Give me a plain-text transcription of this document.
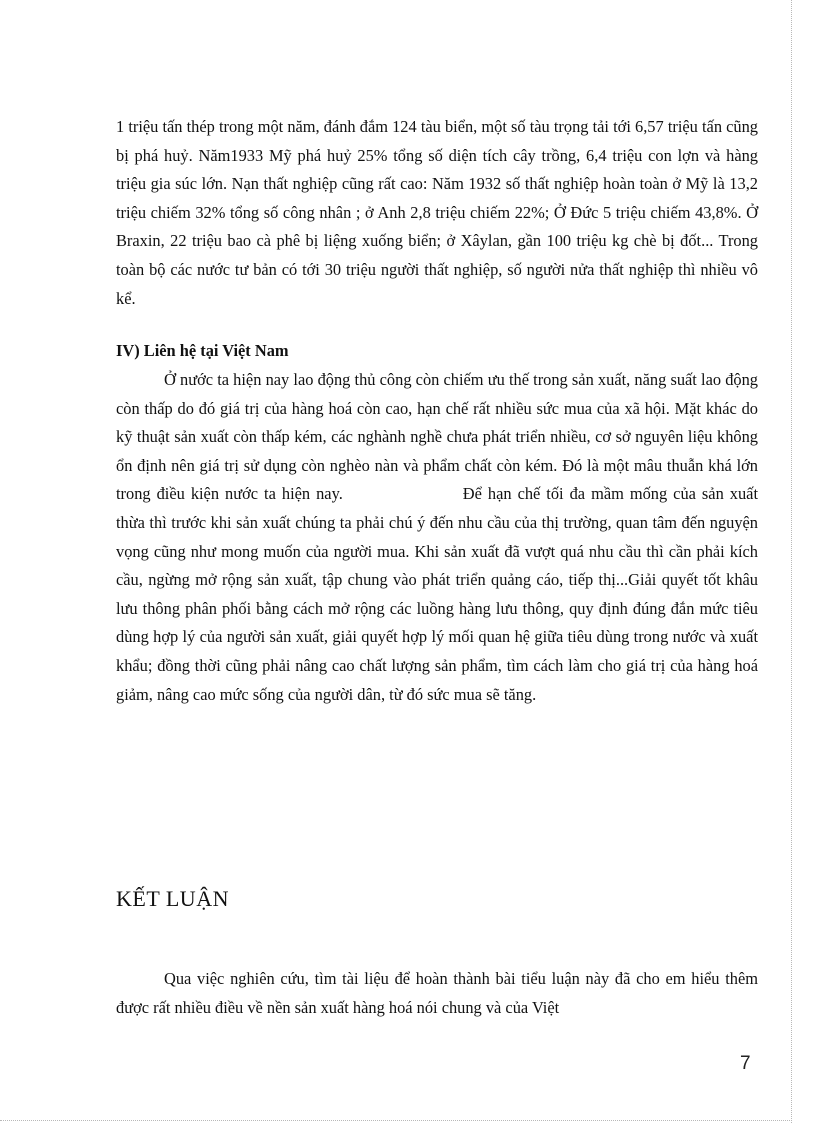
1 triệu tấn thép trong một năm, đánh đắm 124 tàu biển, một số tàu trọng tải tới 6,57 triệu tấn cũng bị phá huỷ. Năm1933 Mỹ phá huỷ 25% tổng số diện tích cây trồng, 6,4 triệu con lợn và hàng triệu gia súc lớn. Nạn thất nghiệp cũng rất cao: Năm 1932 số thất nghiệp hoàn toàn ở Mỹ là 13,2 triệu chiếm 32% tổng số công nhân ; ở Anh 2,8 triệu chiếm 22%; Ở Đức 5 triệu chiếm 43,8%. Ở Braxin, 22 triệu bao cà phê bị liệng xuống biển; ở Xâylan, gần 100 triệu kg chè bị đốt... Trong toàn bộ các nước tư bản có tới 30 triệu người thất nghiệp, số người nửa thất nghiệp thì nhiều vô kể.

IV) Liên hệ tại Việt Nam

Ở nước ta hiện nay lao động thủ công còn chiếm ưu thế trong sản xuất, năng suất lao động còn thấp do đó giá trị của hàng hoá còn cao, hạn chế rất nhiều sức mua của xã hội. Mặt khác do kỹ thuật sản xuất còn thấp kém, các nghành nghề chưa phát triển nhiều, cơ sở nguyên liệu không ổn định nên giá trị sử dụng còn nghèo nàn và phẩm chất còn kém. Đó là một mâu thuẫn khá lớn trong điều kiện nước ta hiện nay.	Để hạn chế tối đa mầm mống của sản xuất thừa thì trước khi sản xuất chúng ta phải chú ý đến nhu cầu của thị trường, quan tâm đến nguyện vọng cũng như mong muốn của người mua. Khi sản xuất đã vượt quá nhu cầu thì cần phải kích cầu, ngừng mở rộng sản xuất, tập chung vào phát triển quảng cáo, tiếp thị...Giải quyết tốt khâu lưu thông phân phối bằng cách mở rộng các luồng hàng lưu thông, quy định đúng đắn mức tiêu dùng hợp lý của người sản xuất, giải quyết hợp lý mối quan hệ giữa tiêu dùng trong nước và xuất khẩu; đồng thời cũng phải nâng cao chất lượng sản phẩm, tìm cách làm cho giá trị của hàng hoá giảm, nâng cao mức sống của người dân, từ đó sức mua sẽ tăng.

KẾT LUẬN

Qua việc nghiên cứu, tìm tài liệu để hoàn thành bài tiểu luận này đã cho em hiểu thêm được rất nhiều điều về nền sản xuất hàng hoá nói chung và của Việt

7
